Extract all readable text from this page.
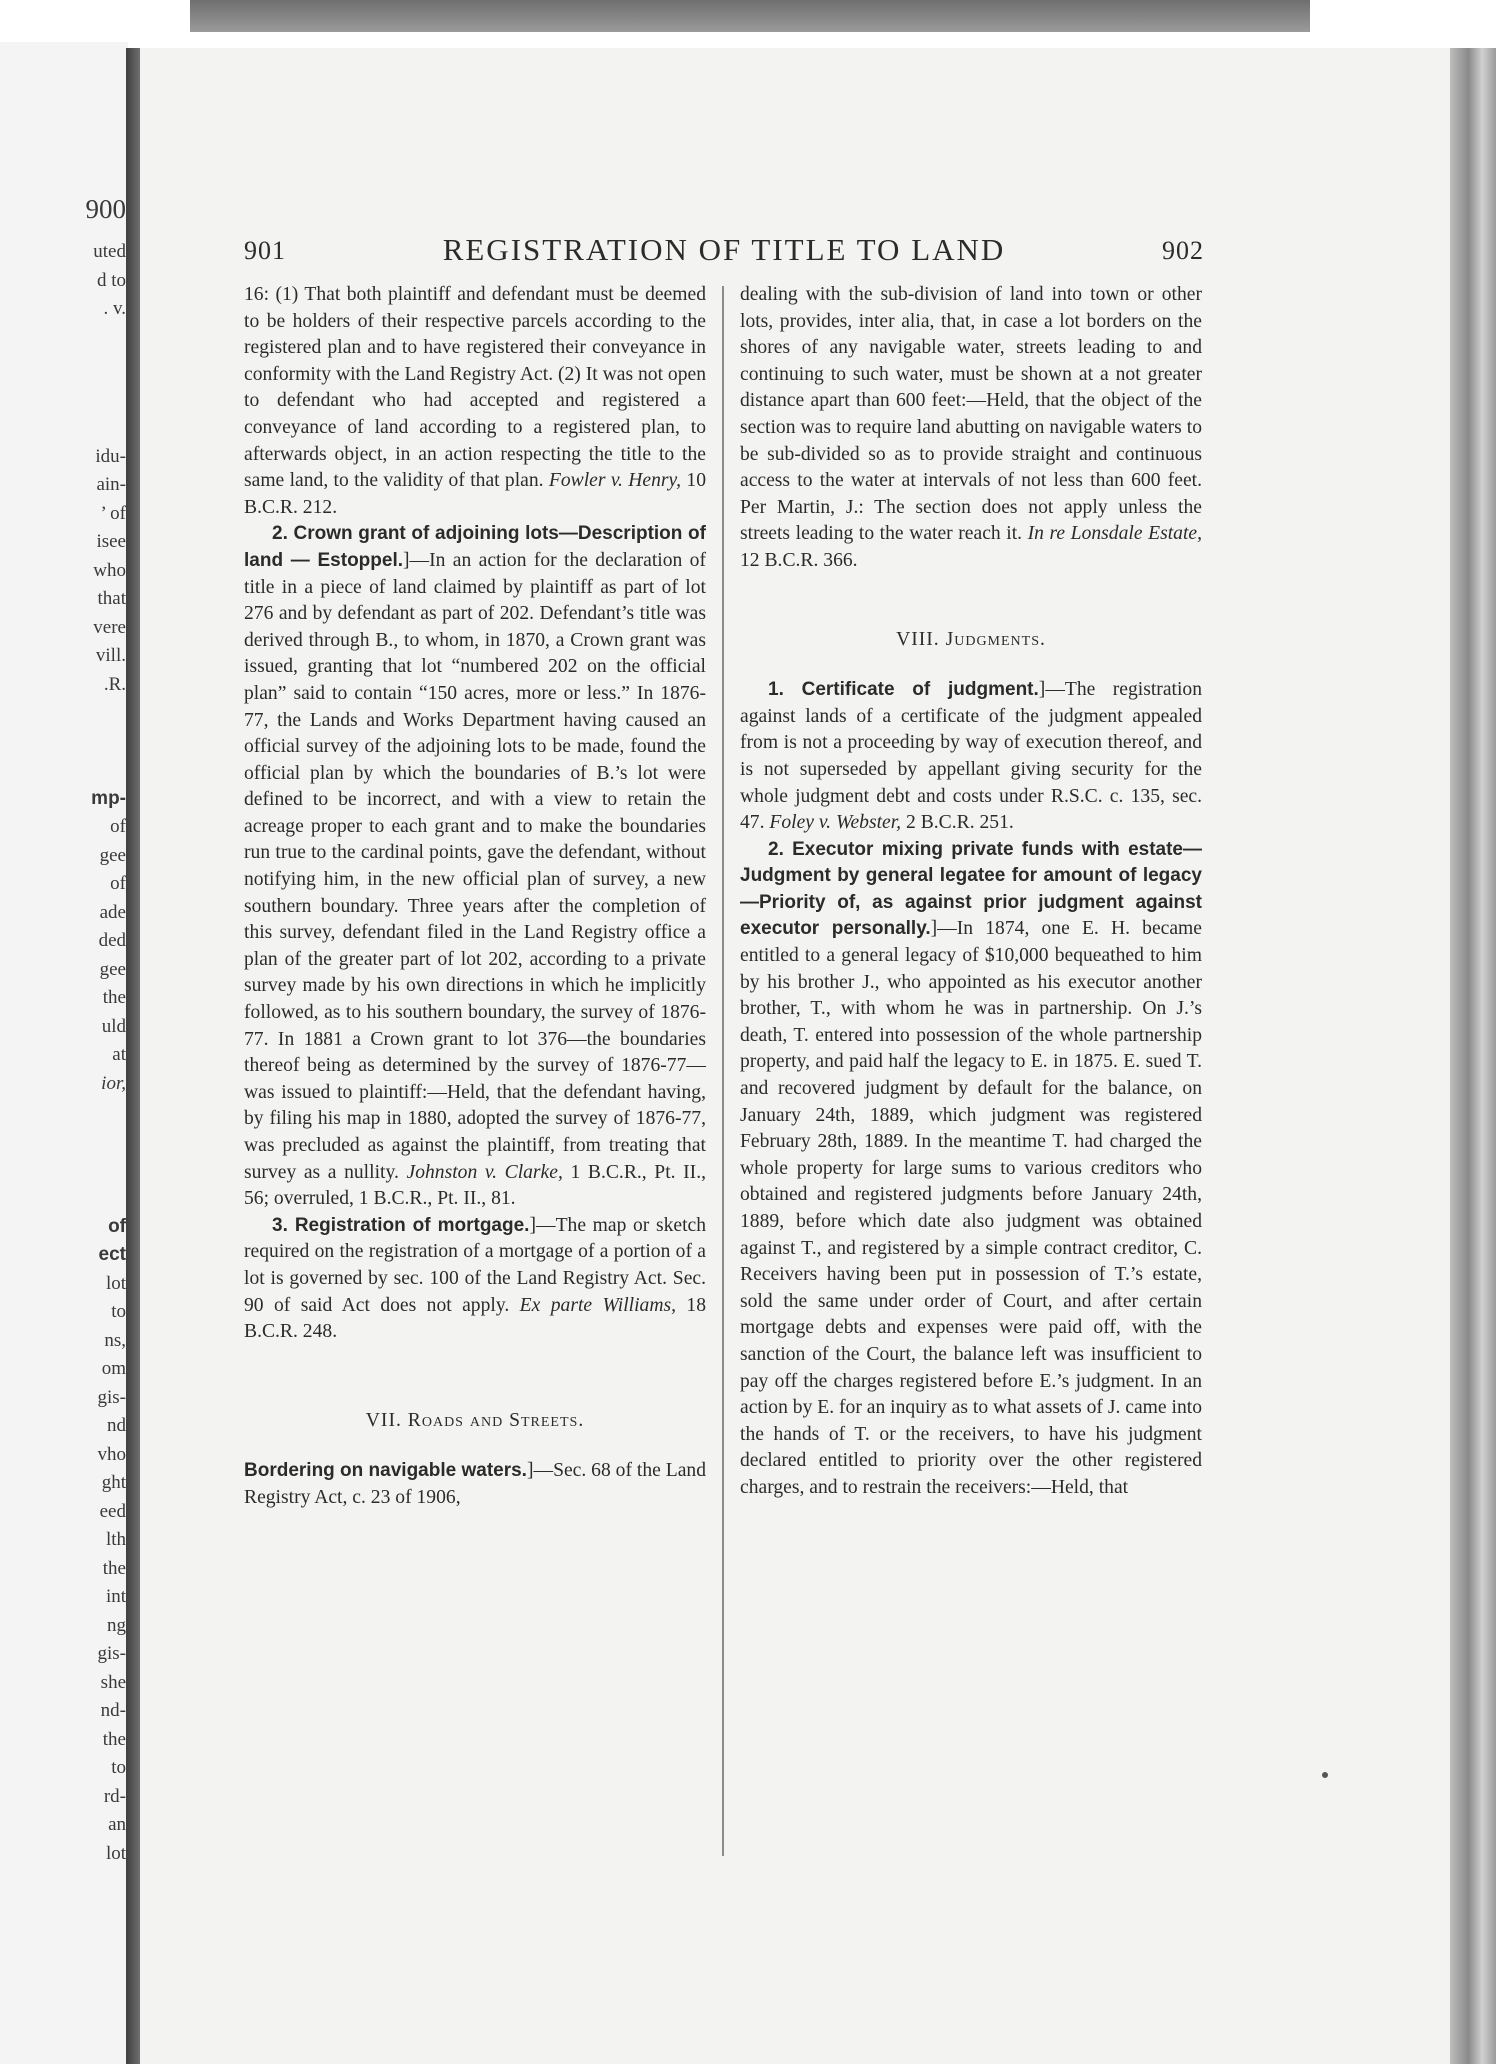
900
uted
d to
. v.
idu-
ain-
’ of
isee
who
that
vere
vill.
.R.
mp-
of
gee
of
ade
ded
gee
the
uld
at
ior,
of
ect
lot
to
ns,
om
gis-
nd
vho
ght
eed
lth
the
int
ng
gis-
she
nd-
the
to
rd-
an
lot
901	REGISTRATION OF TITLE TO LAND	902

16: (1) That both plaintiff and defendant must be deemed to be holders of their respective parcels according to the registered plan and to have registered their conveyance in conformity with the Land Registry Act. (2) It was not open to defendant who had accepted and registered a conveyance of land according to a registered plan, to afterwards object, in an action respecting the title to the same land, to the validity of that plan. Fowler v. Henry, 10 B.C.R. 212.

2. Crown grant of adjoining lots—Description of land — Estoppel.]—In an action for the declaration of title in a piece of land claimed by plaintiff as part of lot 276 and by defendant as part of 202. Defendant’s title was derived through B., to whom, in 1870, a Crown grant was issued, granting that lot “numbered 202 on the official plan” said to contain “150 acres, more or less.” In 1876-77, the Lands and Works Department having caused an official survey of the adjoining lots to be made, found the official plan by which the boundaries of B.’s lot were defined to be incorrect, and with a view to retain the acreage proper to each grant and to make the boundaries run true to the cardinal points, gave the defendant, without notifying him, in the new official plan of survey, a new southern boundary. Three years after the completion of this survey, defendant filed in the Land Registry office a plan of the greater part of lot 202, according to a private survey made by his own directions in which he implicitly followed, as to his southern boundary, the survey of 1876-77. In 1881 a Crown grant to lot 376—the boundaries thereof being as determined by the survey of 1876-77—was issued to plaintiff:—Held, that the defendant having, by filing his map in 1880, adopted the survey of 1876-77, was precluded as against the plaintiff, from treating that survey as a nullity. Johnston v. Clarke, 1 B.C.R., Pt. II., 56; overruled, 1 B.C.R., Pt. II., 81.

3. Registration of mortgage.]—The map or sketch required on the registration of a mortgage of a portion of a lot is governed by sec. 100 of the Land Registry Act. Sec. 90 of said Act does not apply. Ex parte Williams, 18 B.C.R. 248.

VII. Roads and Streets.

Bordering on navigable waters.]—Sec. 68 of the Land Registry Act, c. 23 of 1906,

dealing with the sub-division of land into town or other lots, provides, inter alia, that, in case a lot borders on the shores of any navigable water, streets leading to and continuing to such water, must be shown at a not greater distance apart than 600 feet:—Held, that the object of the section was to require land abutting on navigable waters to be sub-divided so as to provide straight and continuous access to the water at intervals of not less than 600 feet. Per Martin, J.: The section does not apply unless the streets leading to the water reach it. In re Lonsdale Estate, 12 B.C.R. 366.

VIII. Judgments.

1. Certificate of judgment.]—The registration against lands of a certificate of the judgment appealed from is not a proceeding by way of execution thereof, and is not superseded by appellant giving security for the whole judgment debt and costs under R.S.C. c. 135, sec. 47. Foley v. Webster, 2 B.C.R. 251.

2. Executor mixing private funds with estate—Judgment by general legatee for amount of legacy—Priority of, as against prior judgment against executor personally.]—In 1874, one E. H. became entitled to a general legacy of $10,000 bequeathed to him by his brother J., who appointed as his executor another brother, T., with whom he was in partnership. On J.’s death, T. entered into possession of the whole partnership property, and paid half the legacy to E. in 1875. E. sued T. and recovered judgment by default for the balance, on January 24th, 1889, which judgment was registered February 28th, 1889. In the meantime T. had charged the whole property for large sums to various creditors who obtained and registered judgments before January 24th, 1889, before which date also judgment was obtained against T., and registered by a simple contract creditor, C. Receivers having been put in possession of T.’s estate, sold the same under order of Court, and after certain mortgage debts and expenses were paid off, with the sanction of the Court, the balance left was insufficient to pay off the charges registered before E.’s judgment. In an action by E. for an inquiry as to what assets of J. came into the hands of T. or the receivers, to have his judgment declared entitled to priority over the other registered charges, and to restrain the receivers:—Held, that
